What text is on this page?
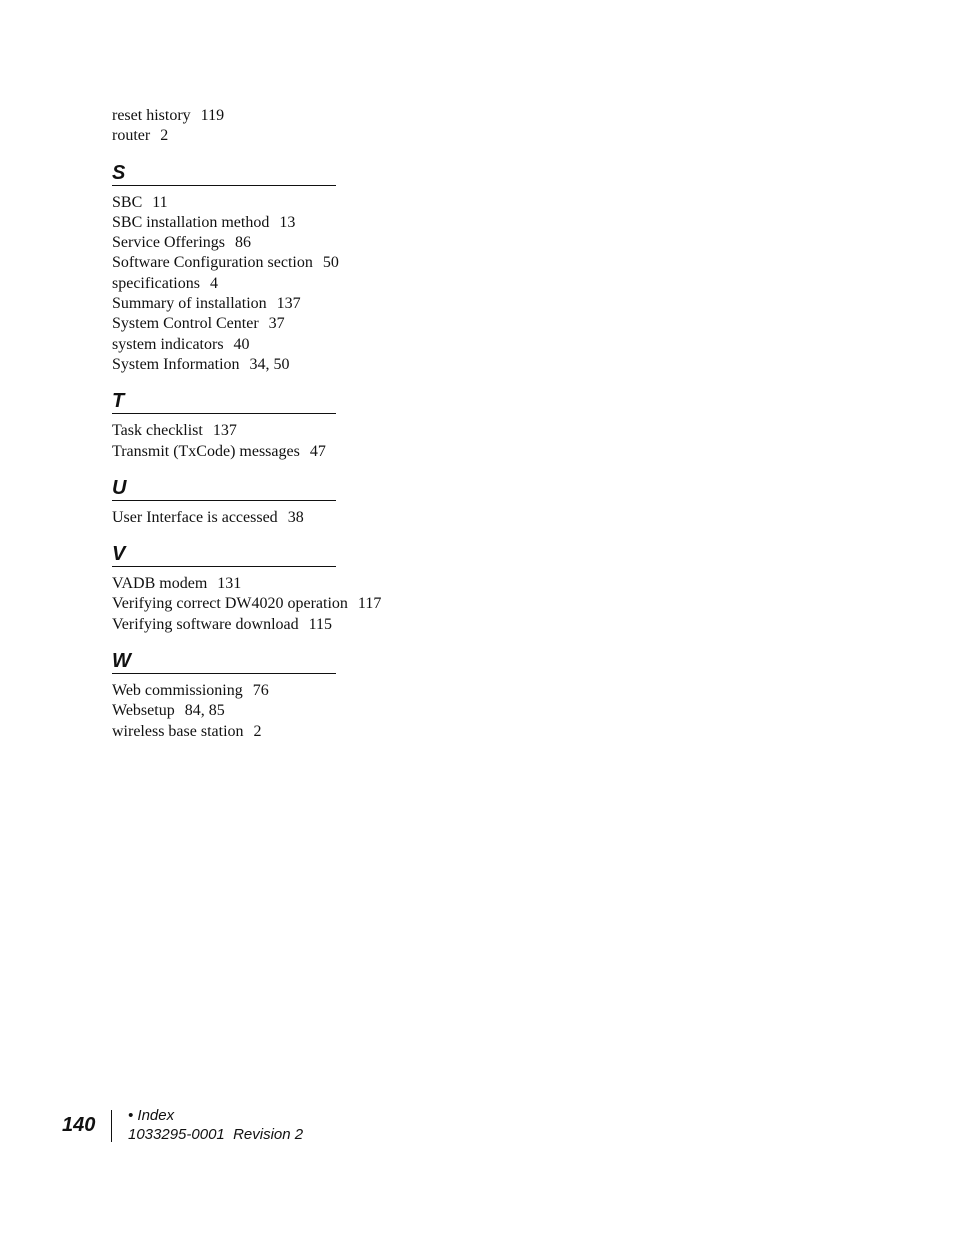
reset history 119
router 2
S
SBC 11
SBC installation method 13
Service Offerings 86
Software Configuration section 50
specifications 4
Summary of installation 137
System Control Center 37
system indicators 40
System Information 34, 50
T
Task checklist 137
Transmit (TxCode) messages 47
U
User Interface is accessed 38
V
VADB modem 131
Verifying correct DW4020 operation 117
Verifying software download 115
W
Web commissioning 76
Websetup 84, 85
wireless base station 2
140 • Index
1033295-0001  Revision 2
